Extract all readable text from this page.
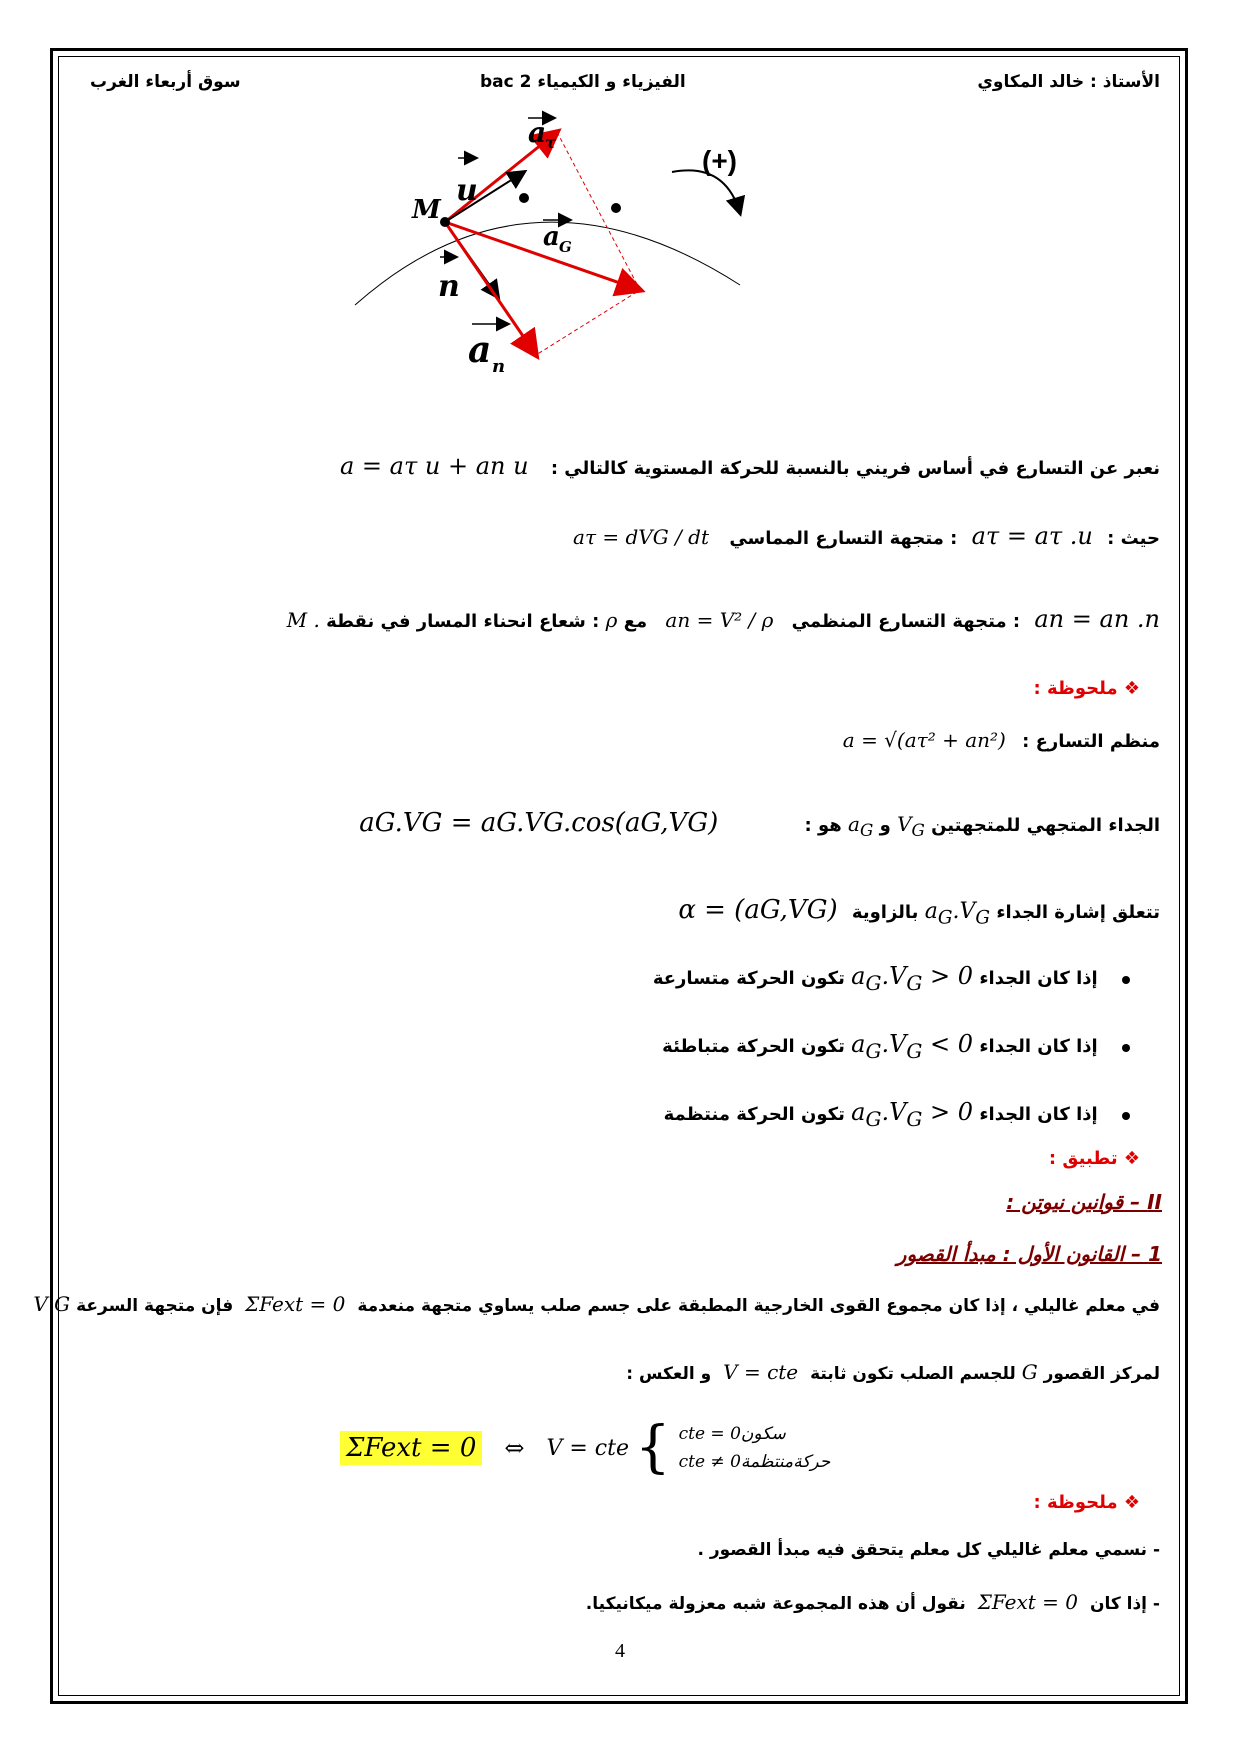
الأستاذ : خالد المكاوي
الفيزياء و الكيمياء 2 bac
سوق أربعاء الغرب
(+)
M
u
a
τ
a G
n
a n
نعبر عن التسارع في أساس فريني بالنسبة للحركة المستوية كالتالي : a = aτ u + an u
حيث : aτ = aτ .u : متجهة التسارع المماسي aτ = dVG / dt
an = an .n : متجهة التسارع المنظمي an = V² / ρ مع ρ : شعاع انحناء المسار في نقطة M .
❖ ملحوظة :
منظم التسارع : a = √(aτ² + an²)
الجداء المتجهي للمتجهتين $V_G$ و $a_G$ هو : aG.VG = aG.VG.cos(aG,VG)
تتعلق إشارة الجداء $a_G.V_G$ بالزاوية α = (aG,VG)
إذا كان الجداء $a_G.V_G > 0$ تكون الحركة متسارعة
إذا كان الجداء $a_G.V_G < 0$ تكون الحركة متباطئة
إذا كان الجداء $a_G.V_G > 0$ تكون الحركة منتظمة
❖ تطبيق :
II – قوانين نيوتن :
1 – القانون الأول : مبدأ القصور
في معلم غاليلي ، إذا كان مجموع القوى الخارجية المطبقة على جسم صلب يساوي متجهة منعدمة ΣFext = 0 فإن متجهة السرعة V G
لمركز القصور G للجسم الصلب تكون ثابتة V = cte و العكس :
ΣFext = 0 ⇔ V = cte { cte = 0سكون
cte ≠ 0حركةمنتظمة
❖ ملحوظة :
- نسمي معلم غاليلي كل معلم يتحقق فيه مبدأ القصور .
- إذا كان ΣFext = 0 نقول أن هذه المجموعة شبه معزولة ميكانيكيا.
4
